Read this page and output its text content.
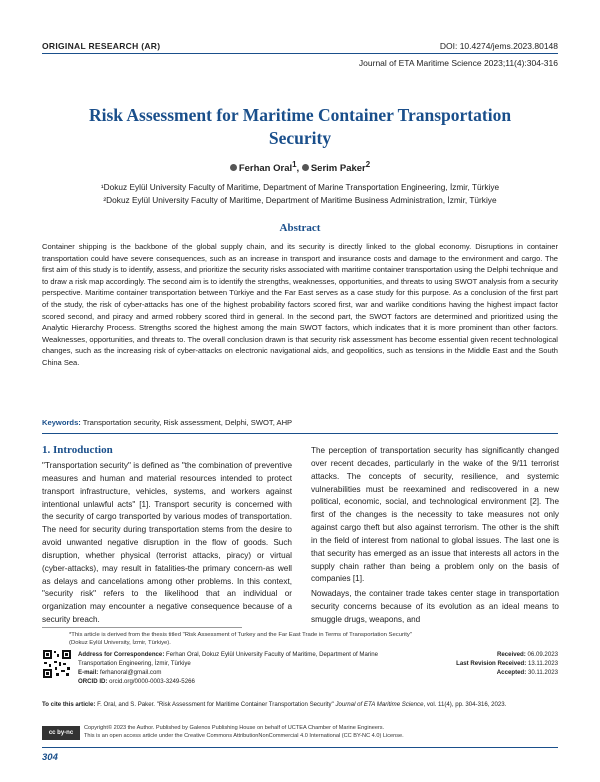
ORIGINAL RESEARCH (AR)	DOI: 10.4274/jems.2023.80148
Journal of ETA Maritime Science 2023;11(4):304-316
Risk Assessment for Maritime Container Transportation Security
Ferhan Oral$^1$, Serim Paker$^2$
¹Dokuz Eylül University Faculty of Maritime, Department of Marine Transportation Engineering, İzmir, Türkiye
²Dokuz Eylül University Faculty of Maritime, Department of Maritime Business Administration, İzmir, Türkiye
Abstract
Container shipping is the backbone of the global supply chain, and its security is directly linked to the global economy. Disruptions in container transportation could have severe consequences, such as an increase in transport and insurance costs and damage to the environment and cargo. The first aim of this study is to identify, assess, and prioritize the security risks associated with maritime container transportation using the Delphi technique and to draw a risk map accordingly. The second aim is to identify the strengths, weaknesses, opportunities, and threats to using SWOT analysis from a security perspective. Maritime container transportation between Türkiye and the Far East serves as a case study for this purpose. As a conclusion of the first part of the study, the risk of cyber-attacks has one of the highest probability factors scored first, war and warlike conditions having the highest impact factor scored second, and piracy and armed robbery scored third in general. In the second part, the SWOT factors are determined and prioritized using the Analytic Hierarchy Process. Strengths scored the highest among the main SWOT factors, which indicates that it is more prominent than other factors. Weaknesses, opportunities, and threats to. The overall conclusion drawn is that security risk assessment has become essential given recent technological changes, such as the increasing risk of cyber-attacks on electronic navigational aids, and geopolitics, such as tensions in the Middle East and the South China Sea.
Keywords: Transportation security, Risk assessment, Delphi, SWOT, AHP
1. Introduction

"Transportation security" is defined as "the combination of preventive measures and human and material resources intended to protect transport infrastructure, vehicles, systems, and workers against intentional unlawful acts" [1]. Transport security is concerned with the security of cargo transported by various modes of transportation. The need for security during transportation stems from the desire to avoid unwanted negative disruption in the flow of goods. Such disruption, whether physical (terrorist attacks, piracy) or virtual (cyber-attacks), may result in fatalities-the primary concern-as well as delays and cancelations among other problems. In this context, "security risk" refers to the likelihood that an individual or organization may encounter a negative consequence because of a security breach.

The perception of transportation security has significantly changed over recent decades, particularly in the wake of the 9/11 terrorist attacks. The concepts of security, resilience, and systemic vulnerabilities must be reexamined and rediscovered in a new political, economic, social, and technological environment [2]. The first of the changes is the necessity to take measures not only against cargo theft but also against terrorism. The other is the shift in the field of interest from national to global issues. The last one is that security has emerged as an issue that interests all actors in the supply chain rather than being a problem only on the basis of companies [1].

Nowadays, the container trade takes center stage in transportation security concerns because of its evolution as an ideal means to smuggle drugs, weapons, and

*This article is derived from the thesis titled "Risk Assessment of Turkey and the Far East Trade in Terms of Transportation Security"
(Dokuz Eylül University, İzmir, Türkiye).
Address for Correspondence: Ferhan Oral, Dokuz Eylül University Faculty of Maritime, Department of Marine Transportation Engineering, İzmir, Türkiye
E-mail: ferhanoral@gmail.com
ORCID ID: orcid.org/0000-0003-3249-5266
Received: 06.09.2023
Last Revision Received: 13.11.2023
Accepted: 30.11.2023
To cite this article: F. Oral, and S. Paker. "Risk Assessment for Maritime Container Transportation Security" Journal of ETA Maritime Science, vol. 11(4), pp. 304-316, 2023.
cc by-nc
Copyright© 2023 the Author. Published by Galenos Publishing House on behalf of UCTEA Chamber of Marine Engineers.
This is an open access article under the Creative Commons AttributionNonCommercial 4.0 International (CC BY-NC 4.0) License.
304
